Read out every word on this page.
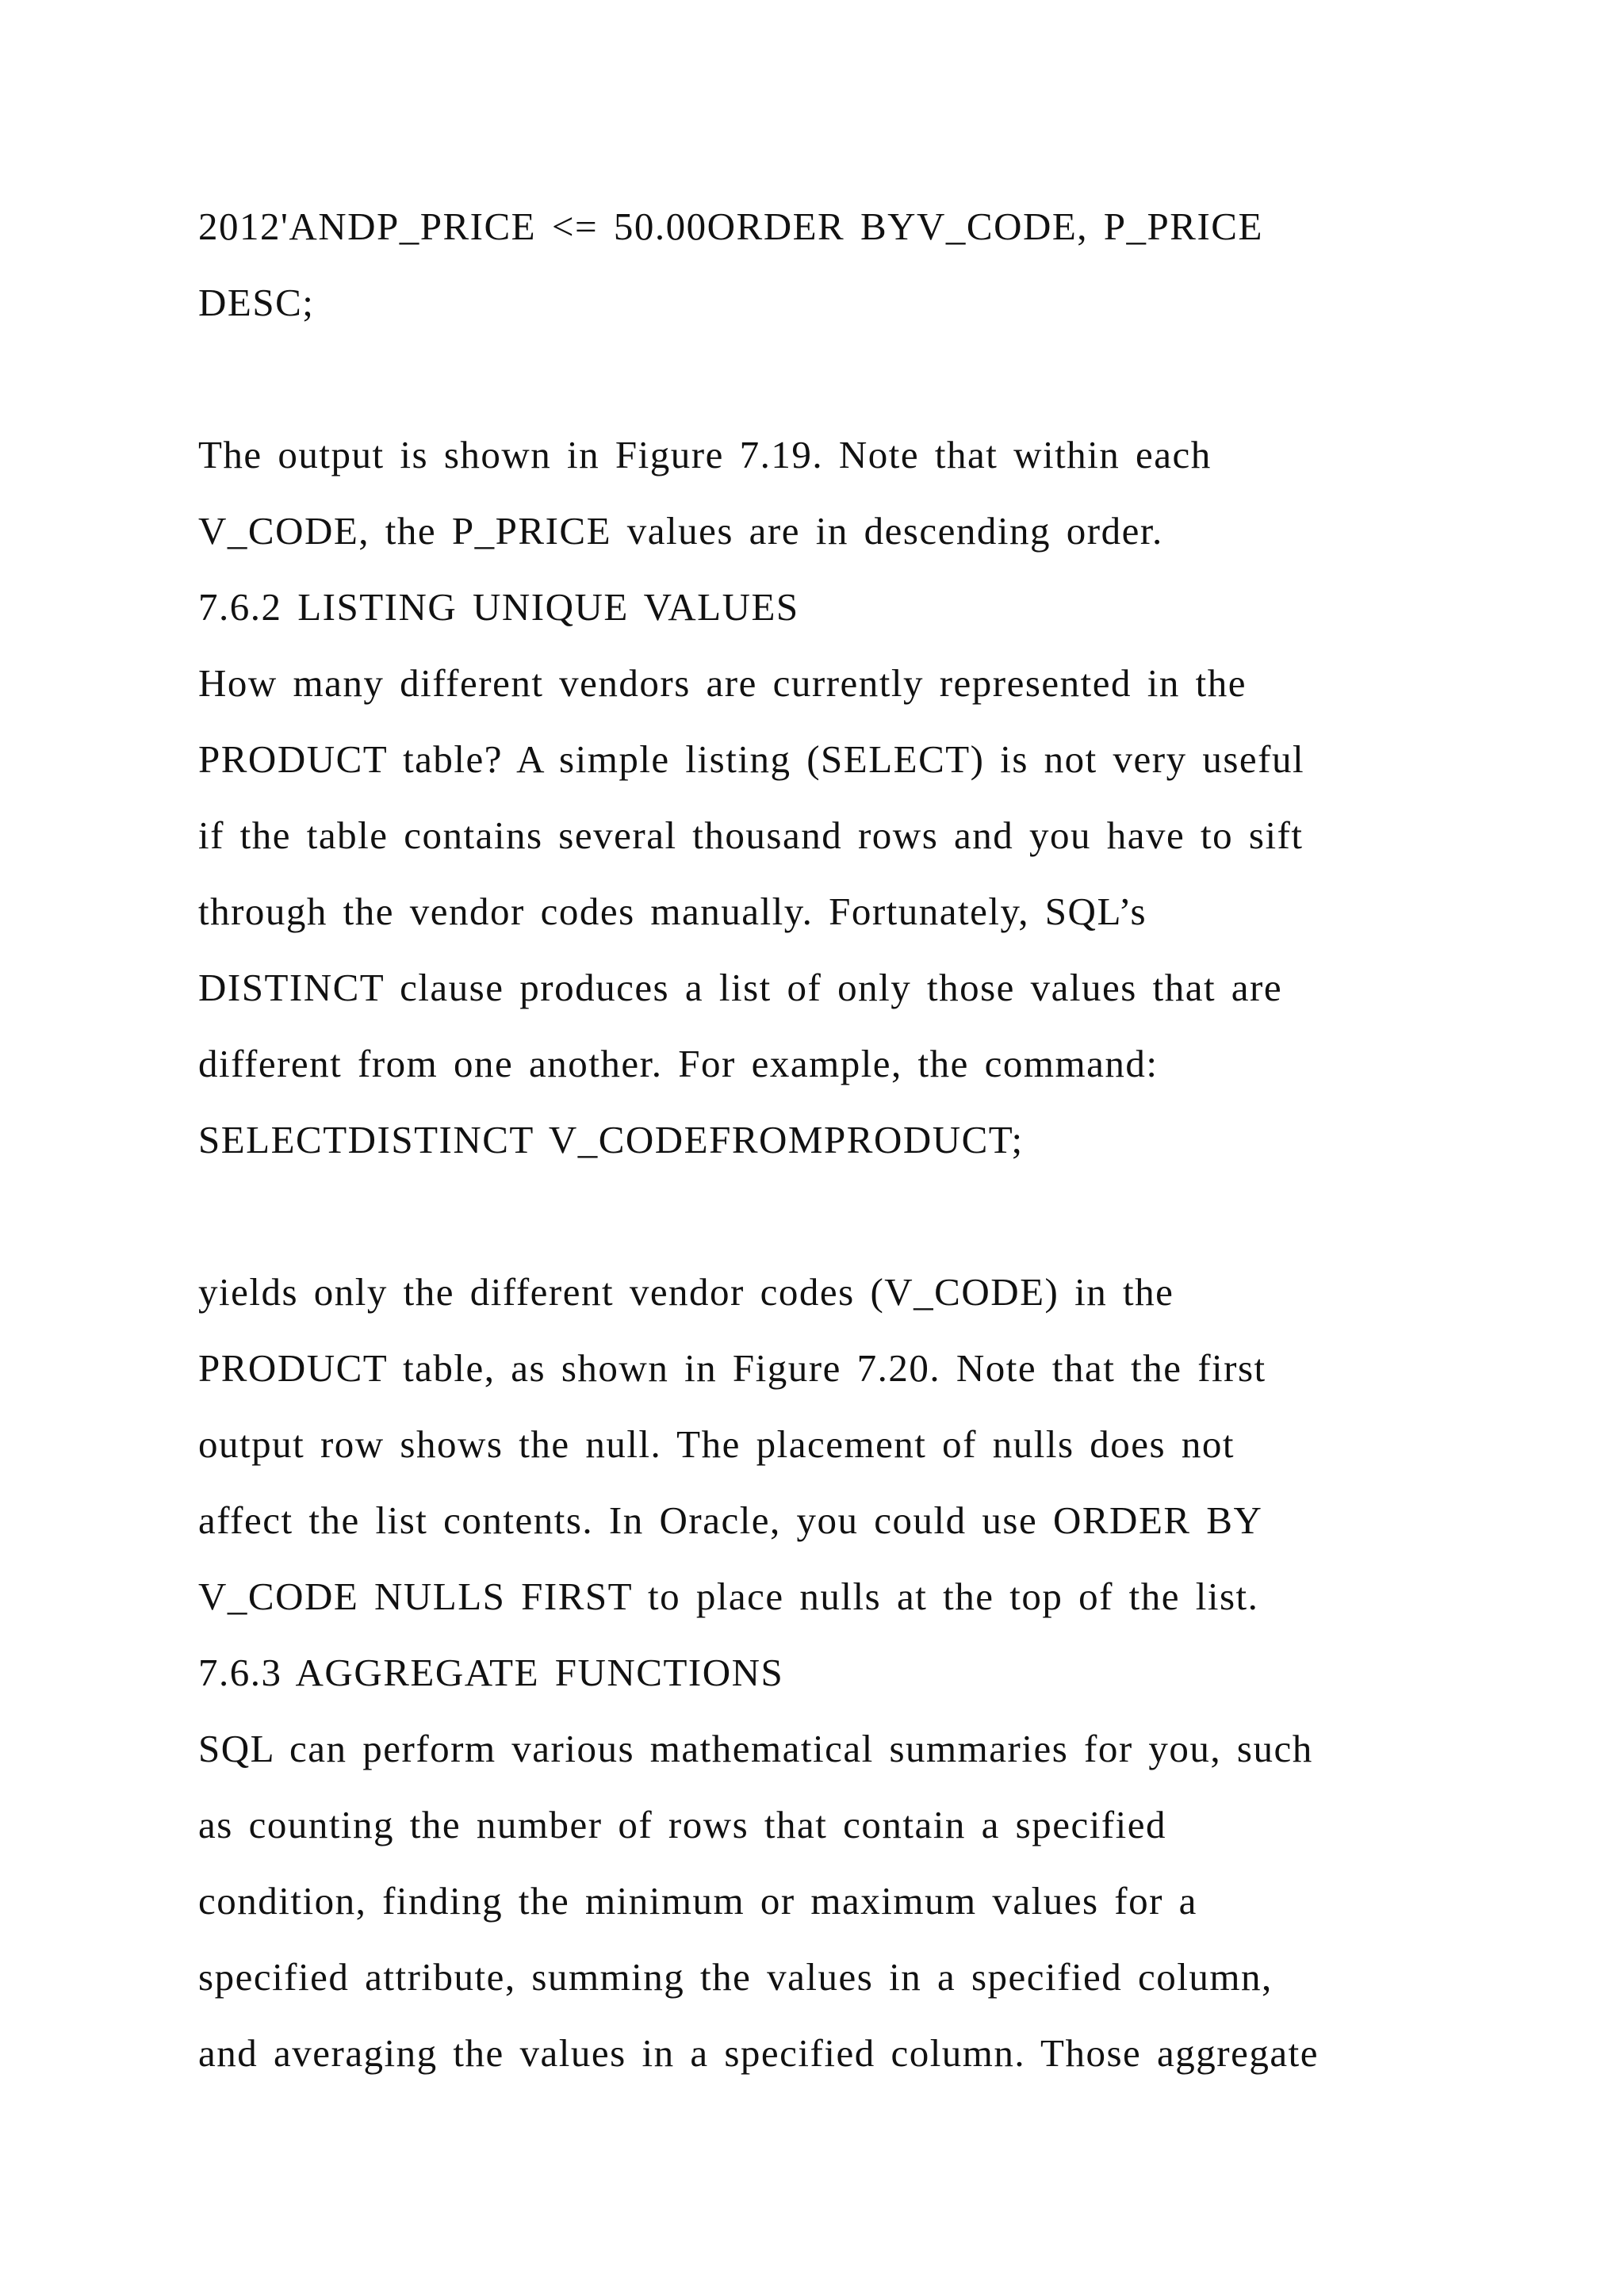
2012'ANDP_PRICE <= 50.00ORDER BYV_CODE, P_PRICE
DESC;
The output is shown in Figure 7.19. Note that within each
V_CODE, the P_PRICE values are in descending order.
7.6.2 LISTING UNIQUE VALUES
How many different vendors are currently represented in the
PRODUCT table? A simple listing (SELECT) is not very useful
if the table contains several thousand rows and you have to sift
through the vendor codes manually. Fortunately, SQL’s
DISTINCT clause produces a list of only those values that are
different from one another. For example, the command:
SELECTDISTINCT V_CODEFROMPRODUCT;
yields only the different vendor codes (V_CODE) in the
PRODUCT table, as shown in Figure 7.20. Note that the first
output row shows the null. The placement of nulls does not
affect the list contents. In Oracle, you could use ORDER BY
V_CODE NULLS FIRST to place nulls at the top of the list.
7.6.3 AGGREGATE FUNCTIONS
SQL can perform various mathematical summaries for you, such
as counting the number of rows that contain a specified
condition, finding the minimum or maximum values for a
specified attribute, summing the values in a specified column,
and averaging the values in a specified column. Those aggregate
